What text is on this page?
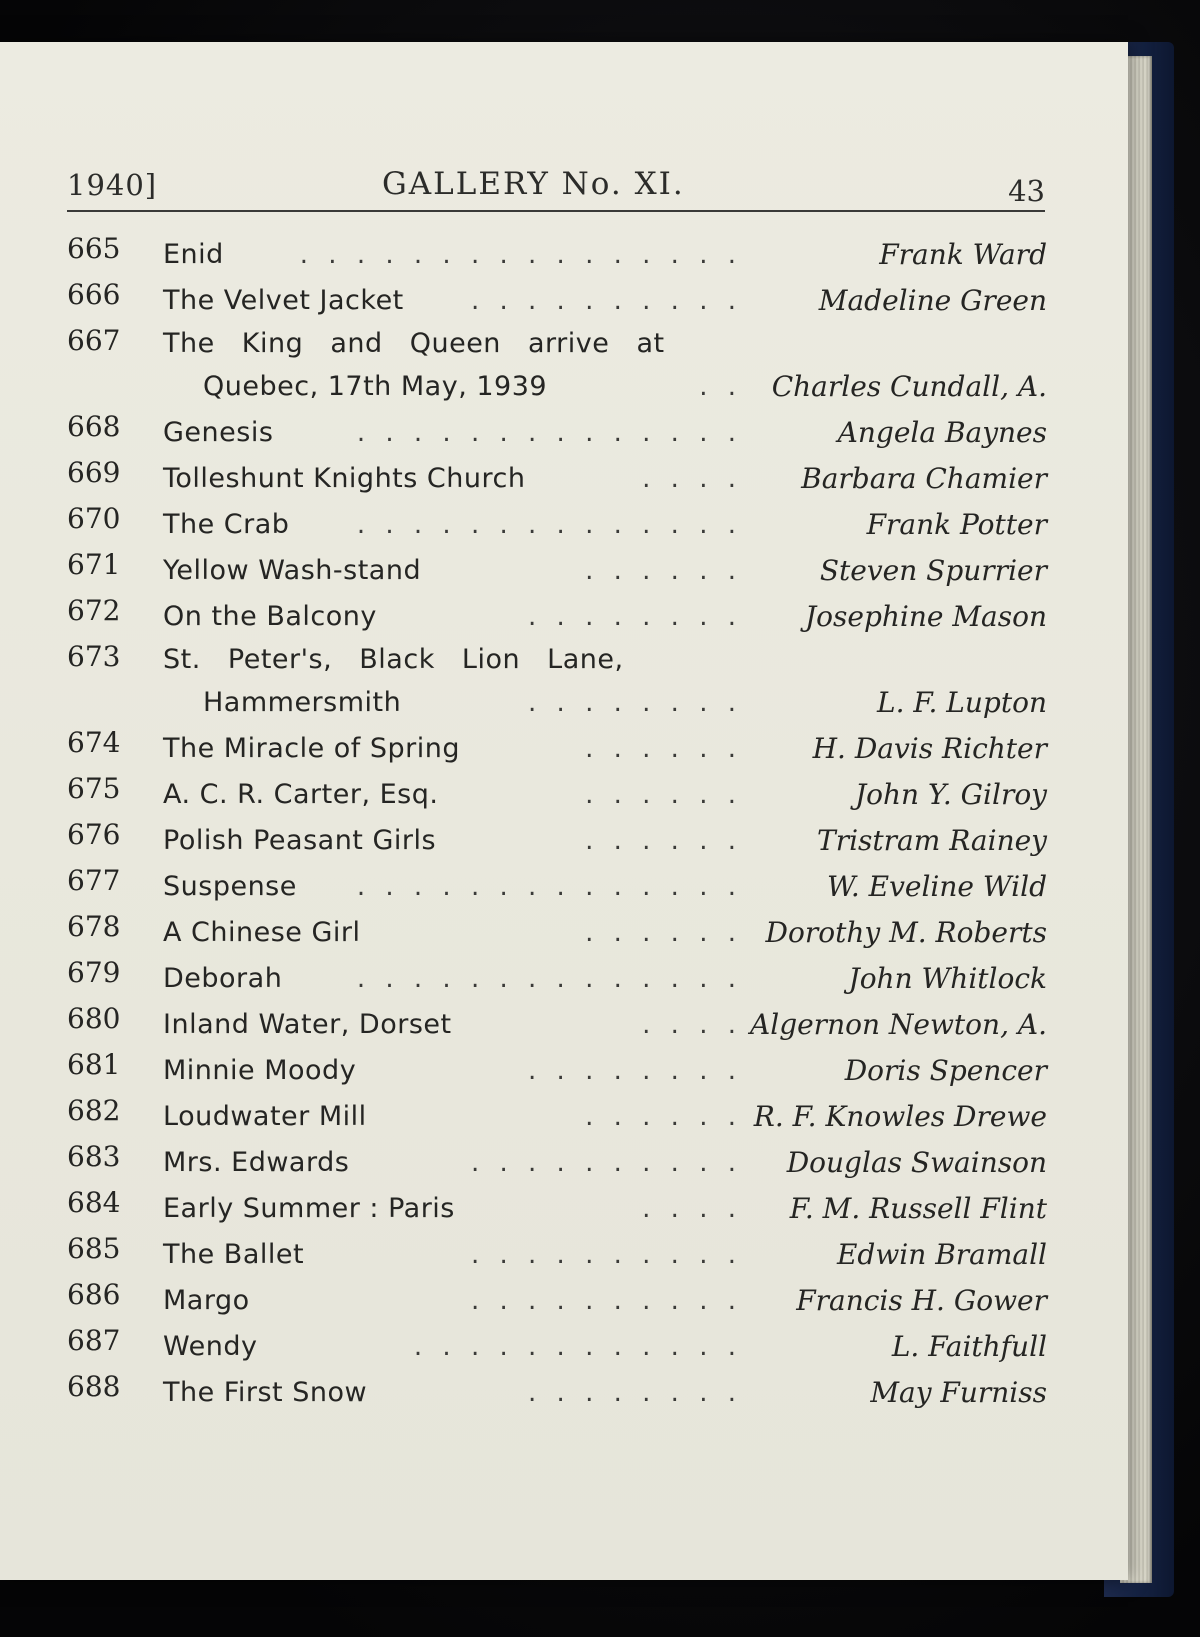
1940]	GALLERY No. XI.	43
665 Enid	. . . . . . . . . . . . . . . .	Frank Ward
666 The Velvet Jacket	. . . . . . . . . .	Madeline Green
667 The King and Queen arrive at
Quebec, 17th May, 1939	. . Charles Cundall, A.
668 Genesis	. . . . . . . . . . . . . .	Angela Baynes
669 Tolleshunt Knights Church	. . . . Barbara Chamier
670 The Crab	. . . . . . . . . . . . . .	Frank Potter
671 Yellow Wash-stand	. . . . . .	Steven Spurrier
672 On the Balcony	. . . . . . . . Josephine Mason
673 St. Peter's, Black Lion Lane,
Hammersmith	. . . . . . . .	L. F. Lupton
674 The Miracle of Spring	. . . . . .	H. Davis Richter
675 A. C. R. Carter, Esq.	. . . . . .	John Y. Gilroy
676 Polish Peasant Girls	. . . . . .	Tristram Rainey
677 Suspense	. . . . . . . . . . . . . .	W. Eveline Wild
678 A Chinese Girl	. . . . . . Dorothy M. Roberts
679 Deborah	. . . . . . . . . . . . . .	John Whitlock
680 Inland Water, Dorset	. . . . Algernon Newton, A.
681 Minnie Moody	. . . . . . . .	Doris Spencer
682 Loudwater Mill	. . . . . . R. F. Knowles Drewe
683 Mrs. Edwards	. . . . . . . . . . Douglas Swainson
684 Early Summer : Paris	. . . . F. M. Russell Flint
685 The Ballet	. . . . . . . . . .	Edwin Bramall
686 Margo	. . . . . . . . . . Francis H. Gower
687 Wendy	. . . . . . . . . . . .	L. Faithfull
688 The First Snow	. . . . . . . .	May Furniss
